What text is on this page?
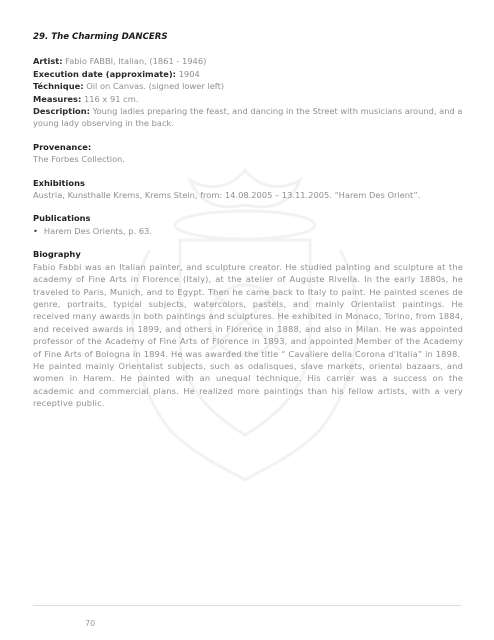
29. The Charming DANCERS
Artist: Fabio FABBI, Italian, (1861 - 1946)
Execution date (approximate): 1904
Téchnique: Oil on Canvas. (signed lower left)
Measures: 116 x 91 cm.
Description: Young ladies preparing the feast, and dancing in the Street with musicians around, and a young lady observing in the back.
Provenance:
The Forbes Collection.
Exhibitions
Austria, Kunsthalle Krems, Krems Stein, from: 14.08.2005 – 13.11.2005. “Harem Des Orient”.
Publications
• Harem Des Orients, p. 63.
Biography
Fabio Fabbi was an Italian painter, and sculpture creator. He studied painting and sculpture at the academy of Fine Arts in Florence (Italy), at the atelier of Auguste Rivella. In the early 1880s, he traveled to Paris, Munich, and to Egypt. Then he came back to Italy to paint. He painted scenes de genre, portraits, typical subjects, watercolors, pastels, and mainly Orientalist paintings. He received many awards in both paintings and sculptures. He exhibited in Monaco, Torino, from 1884, and received awards in 1899, and others in Florence in 1888, and also in Milan. He was appointed professor of the Academy of Fine Arts of Florence in 1893, and appointed Member of the Academy of Fine Arts of Bologna in 1894. He was awarded the title “ Cavaliere della Corona d’Italia” in 1898.
He painted mainly Orientalist subjects, such as odalisques, slave markets, oriental bazaars, and women in Harem. He painted with an unequal technique. His carrier was a success on the academic and commercial plans. He realized more paintings than his fellow artists, with a very receptive public.
70
